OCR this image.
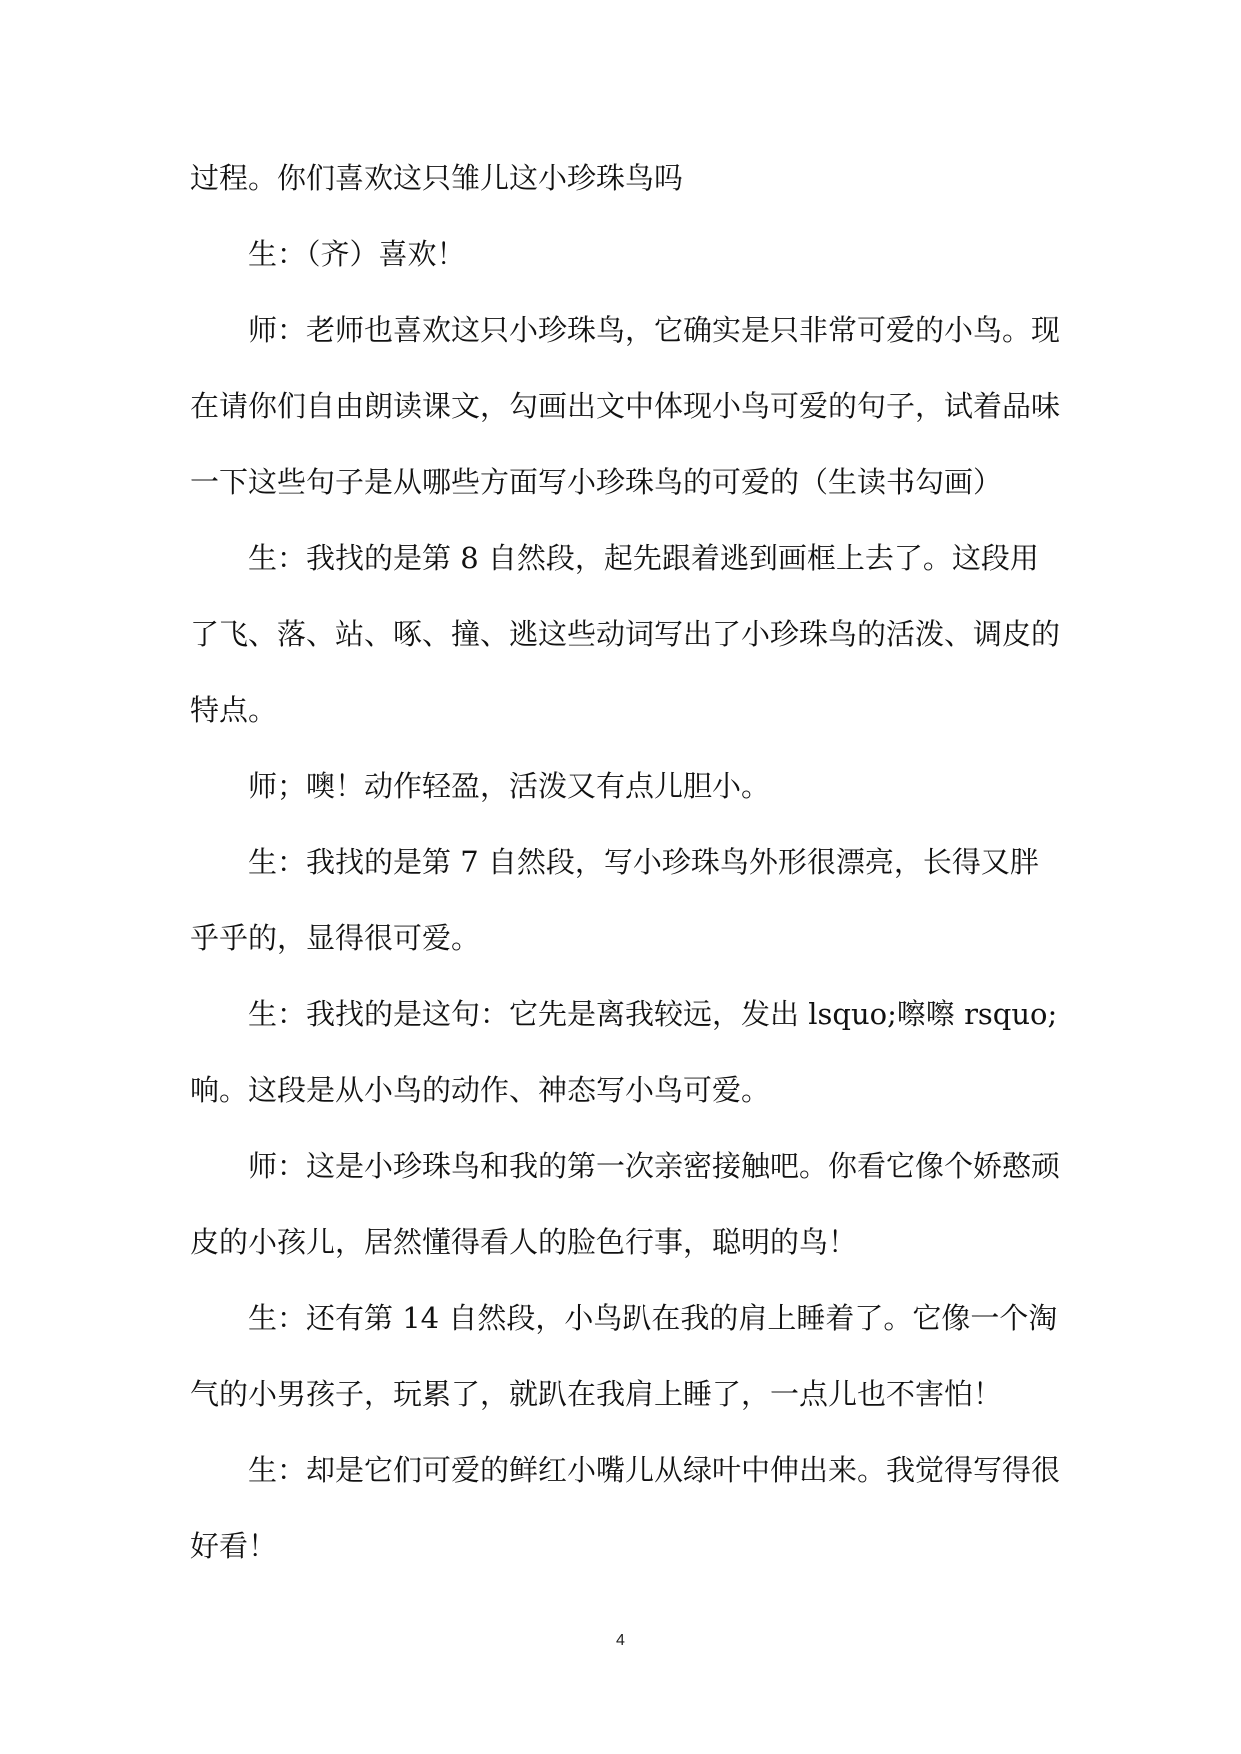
过程。你们喜欢这只雏儿这小珍珠鸟吗

生：（齐）喜欢！

师：老师也喜欢这只小珍珠鸟，它确实是只非常可爱的小鸟。现在请你们自由朗读课文，勾画出文中体现小鸟可爱的句子，试着品味一下这些句子是从哪些方面写小珍珠鸟的可爱的（生读书勾画）

生：我找的是第 8 自然段，起先跟着逃到画框上去了。这段用了飞、落、站、啄、撞、逃这些动词写出了小珍珠鸟的活泼、调皮的特点。

师；噢！动作轻盈，活泼又有点儿胆小。

生：我找的是第 7 自然段，写小珍珠鸟外形很漂亮，长得又胖乎乎的，显得很可爱。

生：我找的是这句：它先是离我较远，发出 lsquo;嚓嚓 rsquo;响。这段是从小鸟的动作、神态写小鸟可爱。

师：这是小珍珠鸟和我的第一次亲密接触吧。你看它像个娇憨顽皮的小孩儿，居然懂得看人的脸色行事，聪明的鸟！

生：还有第 14 自然段，小鸟趴在我的肩上睡着了。它像一个淘气的小男孩子，玩累了，就趴在我肩上睡了，一点儿也不害怕！

生：却是它们可爱的鲜红小嘴儿从绿叶中伸出来。我觉得写得很好看！

4
